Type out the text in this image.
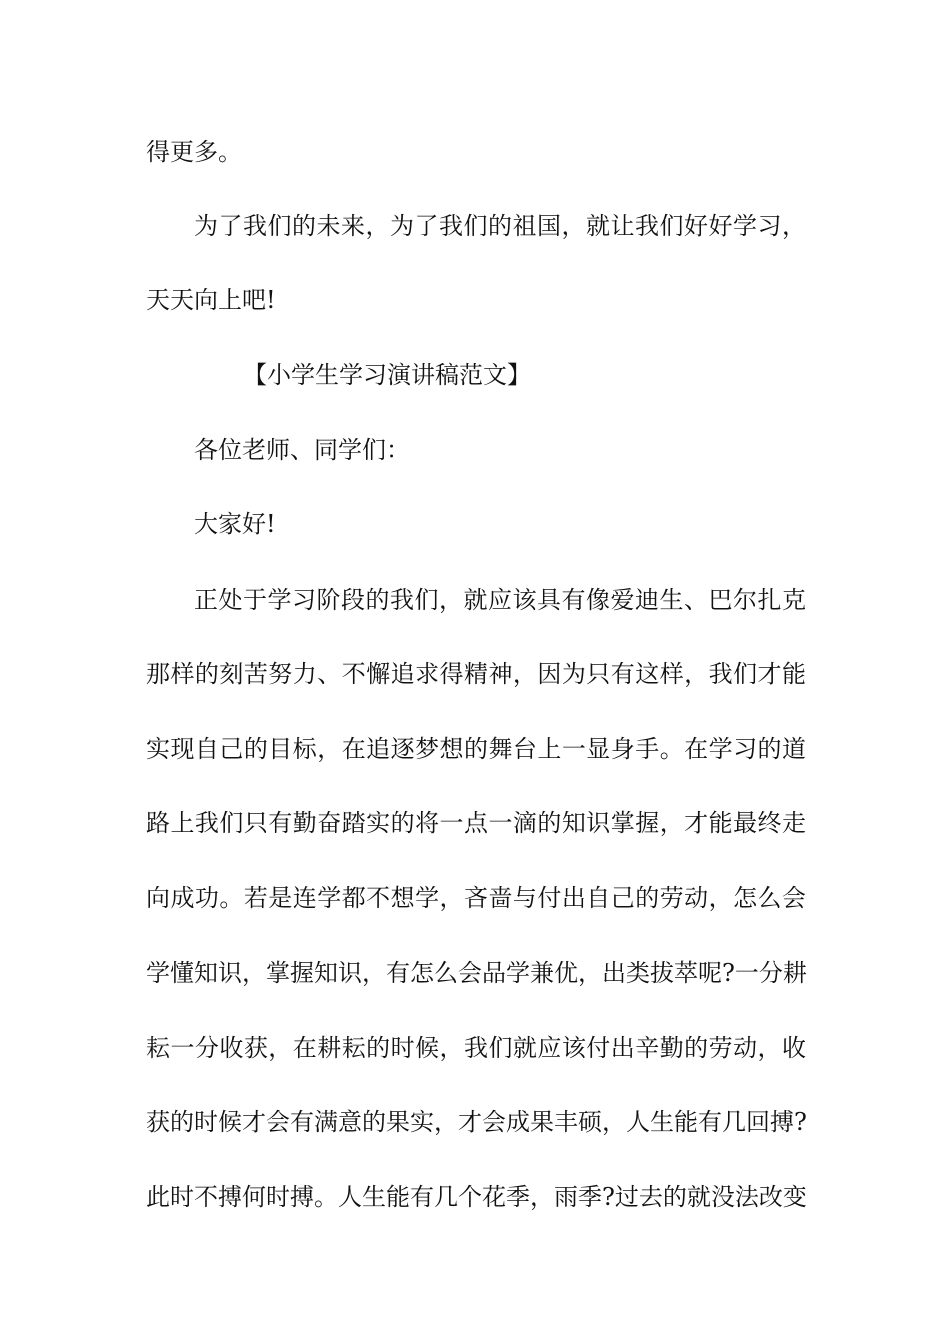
得更多。
为了我们的未来，为了我们的祖国，就让我们好好学习，
天天向上吧!
【小学生学习演讲稿范文】
各位老师、同学们：
大家好!
正处于学习阶段的我们，就应该具有像爱迪生、巴尔扎克
那样的刻苦努力、不懈追求得精神，因为只有这样，我们才能
实现自己的目标，在追逐梦想的舞台上一显身手。在学习的道
路上我们只有勤奋踏实的将一点一滴的知识掌握，才能最终走
向成功。若是连学都不想学，吝啬与付出自己的劳动，怎么会
学懂知识，掌握知识，有怎么会品学兼优，出类拔萃呢?一分耕
耘一分收获，在耕耘的时候，我们就应该付出辛勤的劳动，收
获的时候才会有满意的果实，才会成果丰硕，人生能有几回搏?
此时不搏何时搏。人生能有几个花季，雨季?过去的就没法改变
